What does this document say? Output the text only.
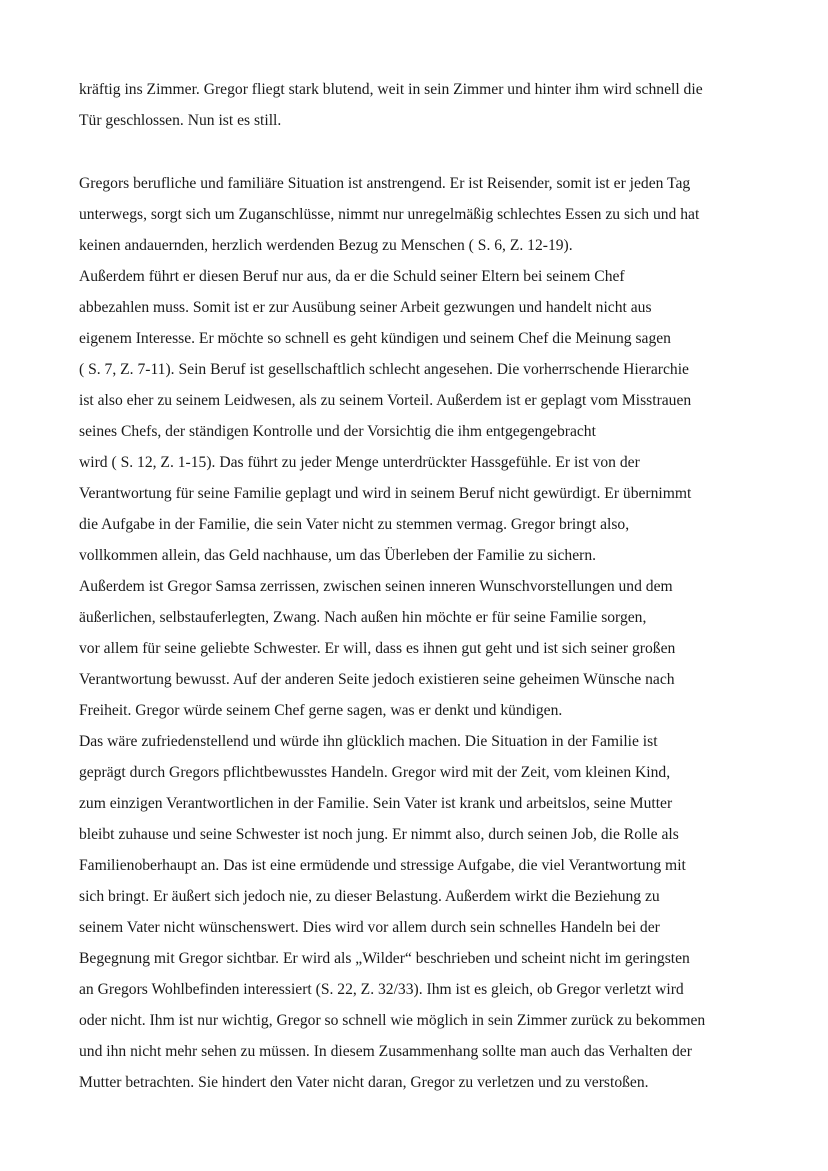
kräftig ins Zimmer. Gregor fliegt stark blutend, weit in sein Zimmer und hinter ihm wird schnell die
Tür geschlossen. Nun ist es still.
Gregors berufliche und familiäre Situation ist anstrengend. Er ist Reisender, somit ist er jeden Tag
unterwegs, sorgt sich um Zuganschlüsse, nimmt nur unregelmäßig schlechtes Essen zu sich und hat
keinen andauernden, herzlich werdenden Bezug zu Menschen ( S. 6, Z. 12-19).
Außerdem führt er diesen Beruf nur aus, da er die Schuld seiner Eltern bei seinem Chef
abbezahlen muss. Somit ist er zur Ausübung seiner Arbeit gezwungen und handelt nicht aus
eigenem Interesse. Er möchte so schnell es geht kündigen und seinem Chef die Meinung sagen
( S. 7, Z. 7-11). Sein Beruf ist gesellschaftlich schlecht angesehen. Die vorherrschende Hierarchie
ist also eher zu seinem Leidwesen, als zu seinem Vorteil. Außerdem ist er geplagt vom Misstrauen
seines Chefs, der ständigen Kontrolle und der Vorsichtig die ihm entgegengebracht
wird ( S. 12, Z. 1-15). Das führt zu jeder Menge unterdrückter Hassgefühle. Er ist von der
Verantwortung für seine Familie geplagt und wird in seinem Beruf nicht gewürdigt. Er übernimmt
die Aufgabe in der Familie, die sein Vater nicht zu stemmen vermag. Gregor bringt also,
vollkommen allein, das Geld nachhause, um das Überleben der Familie zu sichern.
Außerdem ist Gregor Samsa zerrissen, zwischen seinen inneren Wunschvorstellungen und dem
äußerlichen, selbstauferlegten, Zwang. Nach außen hin möchte er für seine Familie sorgen,
vor allem für seine geliebte Schwester. Er will, dass es ihnen gut geht und ist sich seiner großen
Verantwortung bewusst. Auf der anderen Seite jedoch existieren seine geheimen Wünsche nach
Freiheit. Gregor würde seinem Chef gerne sagen, was er denkt und kündigen.
Das wäre zufriedenstellend und würde ihn glücklich machen. Die Situation in der Familie ist
geprägt durch Gregors pflichtbewusstes Handeln. Gregor wird mit der Zeit, vom kleinen Kind,
zum einzigen Verantwortlichen in der Familie. Sein Vater ist krank und arbeitslos, seine Mutter
bleibt zuhause und seine Schwester ist noch jung. Er nimmt also, durch seinen Job, die Rolle als
Familienoberhaupt an. Das ist eine ermüdende und stressige Aufgabe, die viel Verantwortung mit
sich bringt. Er äußert sich jedoch nie, zu dieser Belastung. Außerdem wirkt die Beziehung zu
seinem Vater nicht wünschenswert. Dies wird vor allem durch sein schnelles Handeln bei der
Begegnung mit Gregor sichtbar. Er wird als „Wilder“ beschrieben und scheint nicht im geringsten
an Gregors Wohlbefinden interessiert (S. 22, Z. 32/33). Ihm ist es gleich, ob Gregor verletzt wird
oder nicht. Ihm ist nur wichtig, Gregor so schnell wie möglich in sein Zimmer zurück zu bekommen
und ihn nicht mehr sehen zu müssen. In diesem Zusammenhang sollte man auch das Verhalten der
Mutter betrachten. Sie hindert den Vater nicht daran, Gregor zu verletzen und zu verstoßen.
